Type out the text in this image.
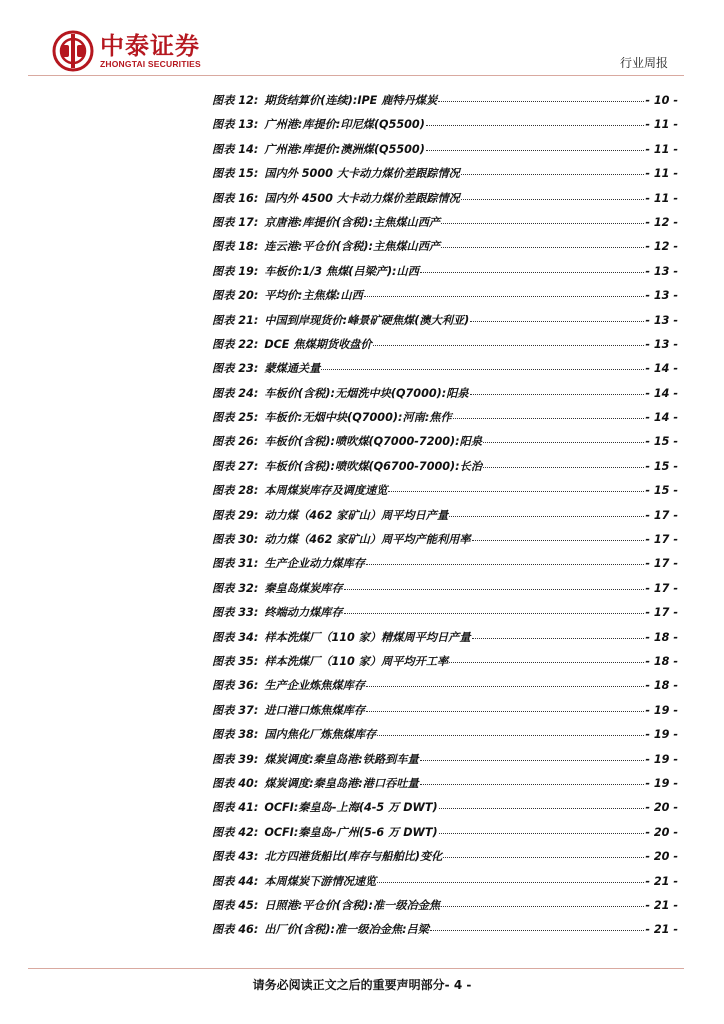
中泰证券
ZHONGTAI SECURITIES	行业周报
图表 12: 期货结算价(连续):IPE 鹿特丹煤炭	- 10 -
图表 13: 广州港:库提价:印尼煤(Q5500)	- 11 -
图表 14: 广州港:库提价:澳洲煤(Q5500)	- 11 -
图表 15: 国内外 5000 大卡动力煤价差跟踪情况	- 11 -
图表 16: 国内外 4500 大卡动力煤价差跟踪情况	- 11 -
图表 17: 京唐港:库提价(含税):主焦煤山西产	- 12 -
图表 18: 连云港:平仓价(含税):主焦煤山西产	- 12 -
图表 19: 车板价:1/3 焦煤(吕梁产):山西	- 13 -
图表 20: 平均价:主焦煤:山西	- 13 -
图表 21: 中国到岸现货价:峰景矿硬焦煤(澳大利亚)	- 13 -
图表 22: DCE 焦煤期货收盘价	- 13 -
图表 23: 蒙煤通关量	- 14 -
图表 24: 车板价(含税):无烟洗中块(Q7000):阳泉	- 14 -
图表 25: 车板价:无烟中块(Q7000):河南:焦作	- 14 -
图表 26: 车板价(含税):喷吹煤(Q7000-7200):阳泉	- 15 -
图表 27: 车板价(含税):喷吹煤(Q6700-7000):长治	- 15 -
图表 28: 本周煤炭库存及调度速览	- 15 -
图表 29: 动力煤（462 家矿山）周平均日产量	- 17 -
图表 30: 动力煤（462 家矿山）周平均产能利用率	- 17 -
图表 31: 生产企业动力煤库存	- 17 -
图表 32: 秦皇岛煤炭库存	- 17 -
图表 33: 终端动力煤库存	- 17 -
图表 34: 样本洗煤厂（110 家）精煤周平均日产量	- 18 -
图表 35: 样本洗煤厂（110 家）周平均开工率	- 18 -
图表 36: 生产企业炼焦煤库存	- 18 -
图表 37: 进口港口炼焦煤库存	- 19 -
图表 38: 国内焦化厂炼焦煤库存	- 19 -
图表 39: 煤炭调度:秦皇岛港:铁路到车量	- 19 -
图表 40: 煤炭调度:秦皇岛港:港口吞吐量	- 19 -
图表 41: OCFI:秦皇岛-上海(4-5 万 DWT)	- 20 -
图表 42: OCFI:秦皇岛-广州(5-6 万 DWT)	- 20 -
图表 43: 北方四港货船比(库存与船舶比)变化	- 20 -
图表 44: 本周煤炭下游情况速览	- 21 -
图表 45: 日照港:平仓价(含税):准一级冶金焦	- 21 -
图表 46: 出厂价(含税):准一级冶金焦:吕梁	- 21 -
请务必阅读正文之后的重要声明部分- 4 -
